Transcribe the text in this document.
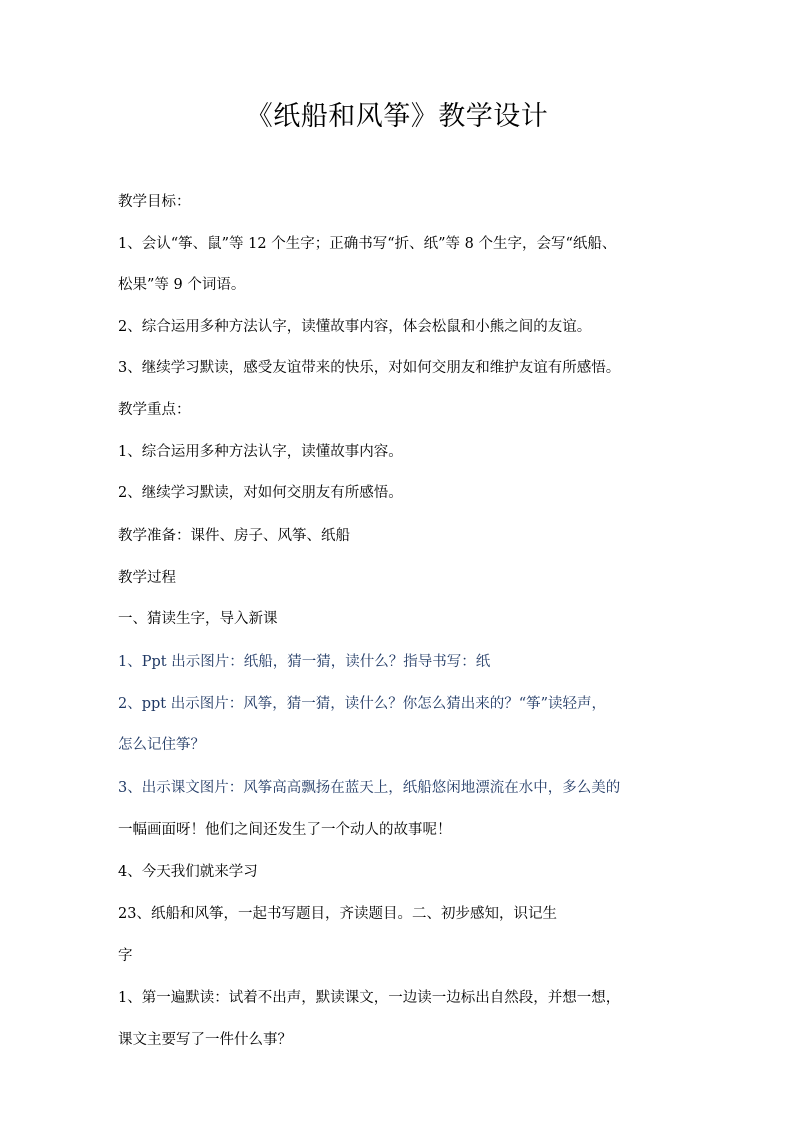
《纸船和风筝》教学设计
教学目标：
1、会认“筝、鼠”等 12 个生字；正确书写“折、纸”等 8 个生字，会写“纸船、
松果”等 9 个词语。
2、综合运用多种方法认字，读懂故事内容，体会松鼠和小熊之间的友谊。
3、继续学习默读，感受友谊带来的快乐，对如何交朋友和维护友谊有所感悟。
教学重点：
1、综合运用多种方法认字，读懂故事内容。
2、继续学习默读，对如何交朋友有所感悟。
教学准备：课件、房子、风筝、纸船
教学过程
一、猜读生字，导入新课
1、Ppt 出示图片：纸船，猜一猜，读什么？指导书写：纸
2、ppt 出示图片：风筝，猜一猜，读什么？你怎么猜出来的？“筝”读轻声，
怎么记住筝？
3、出示课文图片：风筝高高飘扬在蓝天上，纸船悠闲地漂流在水中，多么美的
一幅画面呀！他们之间还发生了一个动人的故事呢！
4、今天我们就来学习
23、纸船和风筝，一起书写题目，齐读题目。二、初步感知，识记生
字
1、第一遍默读：试着不出声，默读课文，一边读一边标出自然段，并想一想，
课文主要写了一件什么事？
